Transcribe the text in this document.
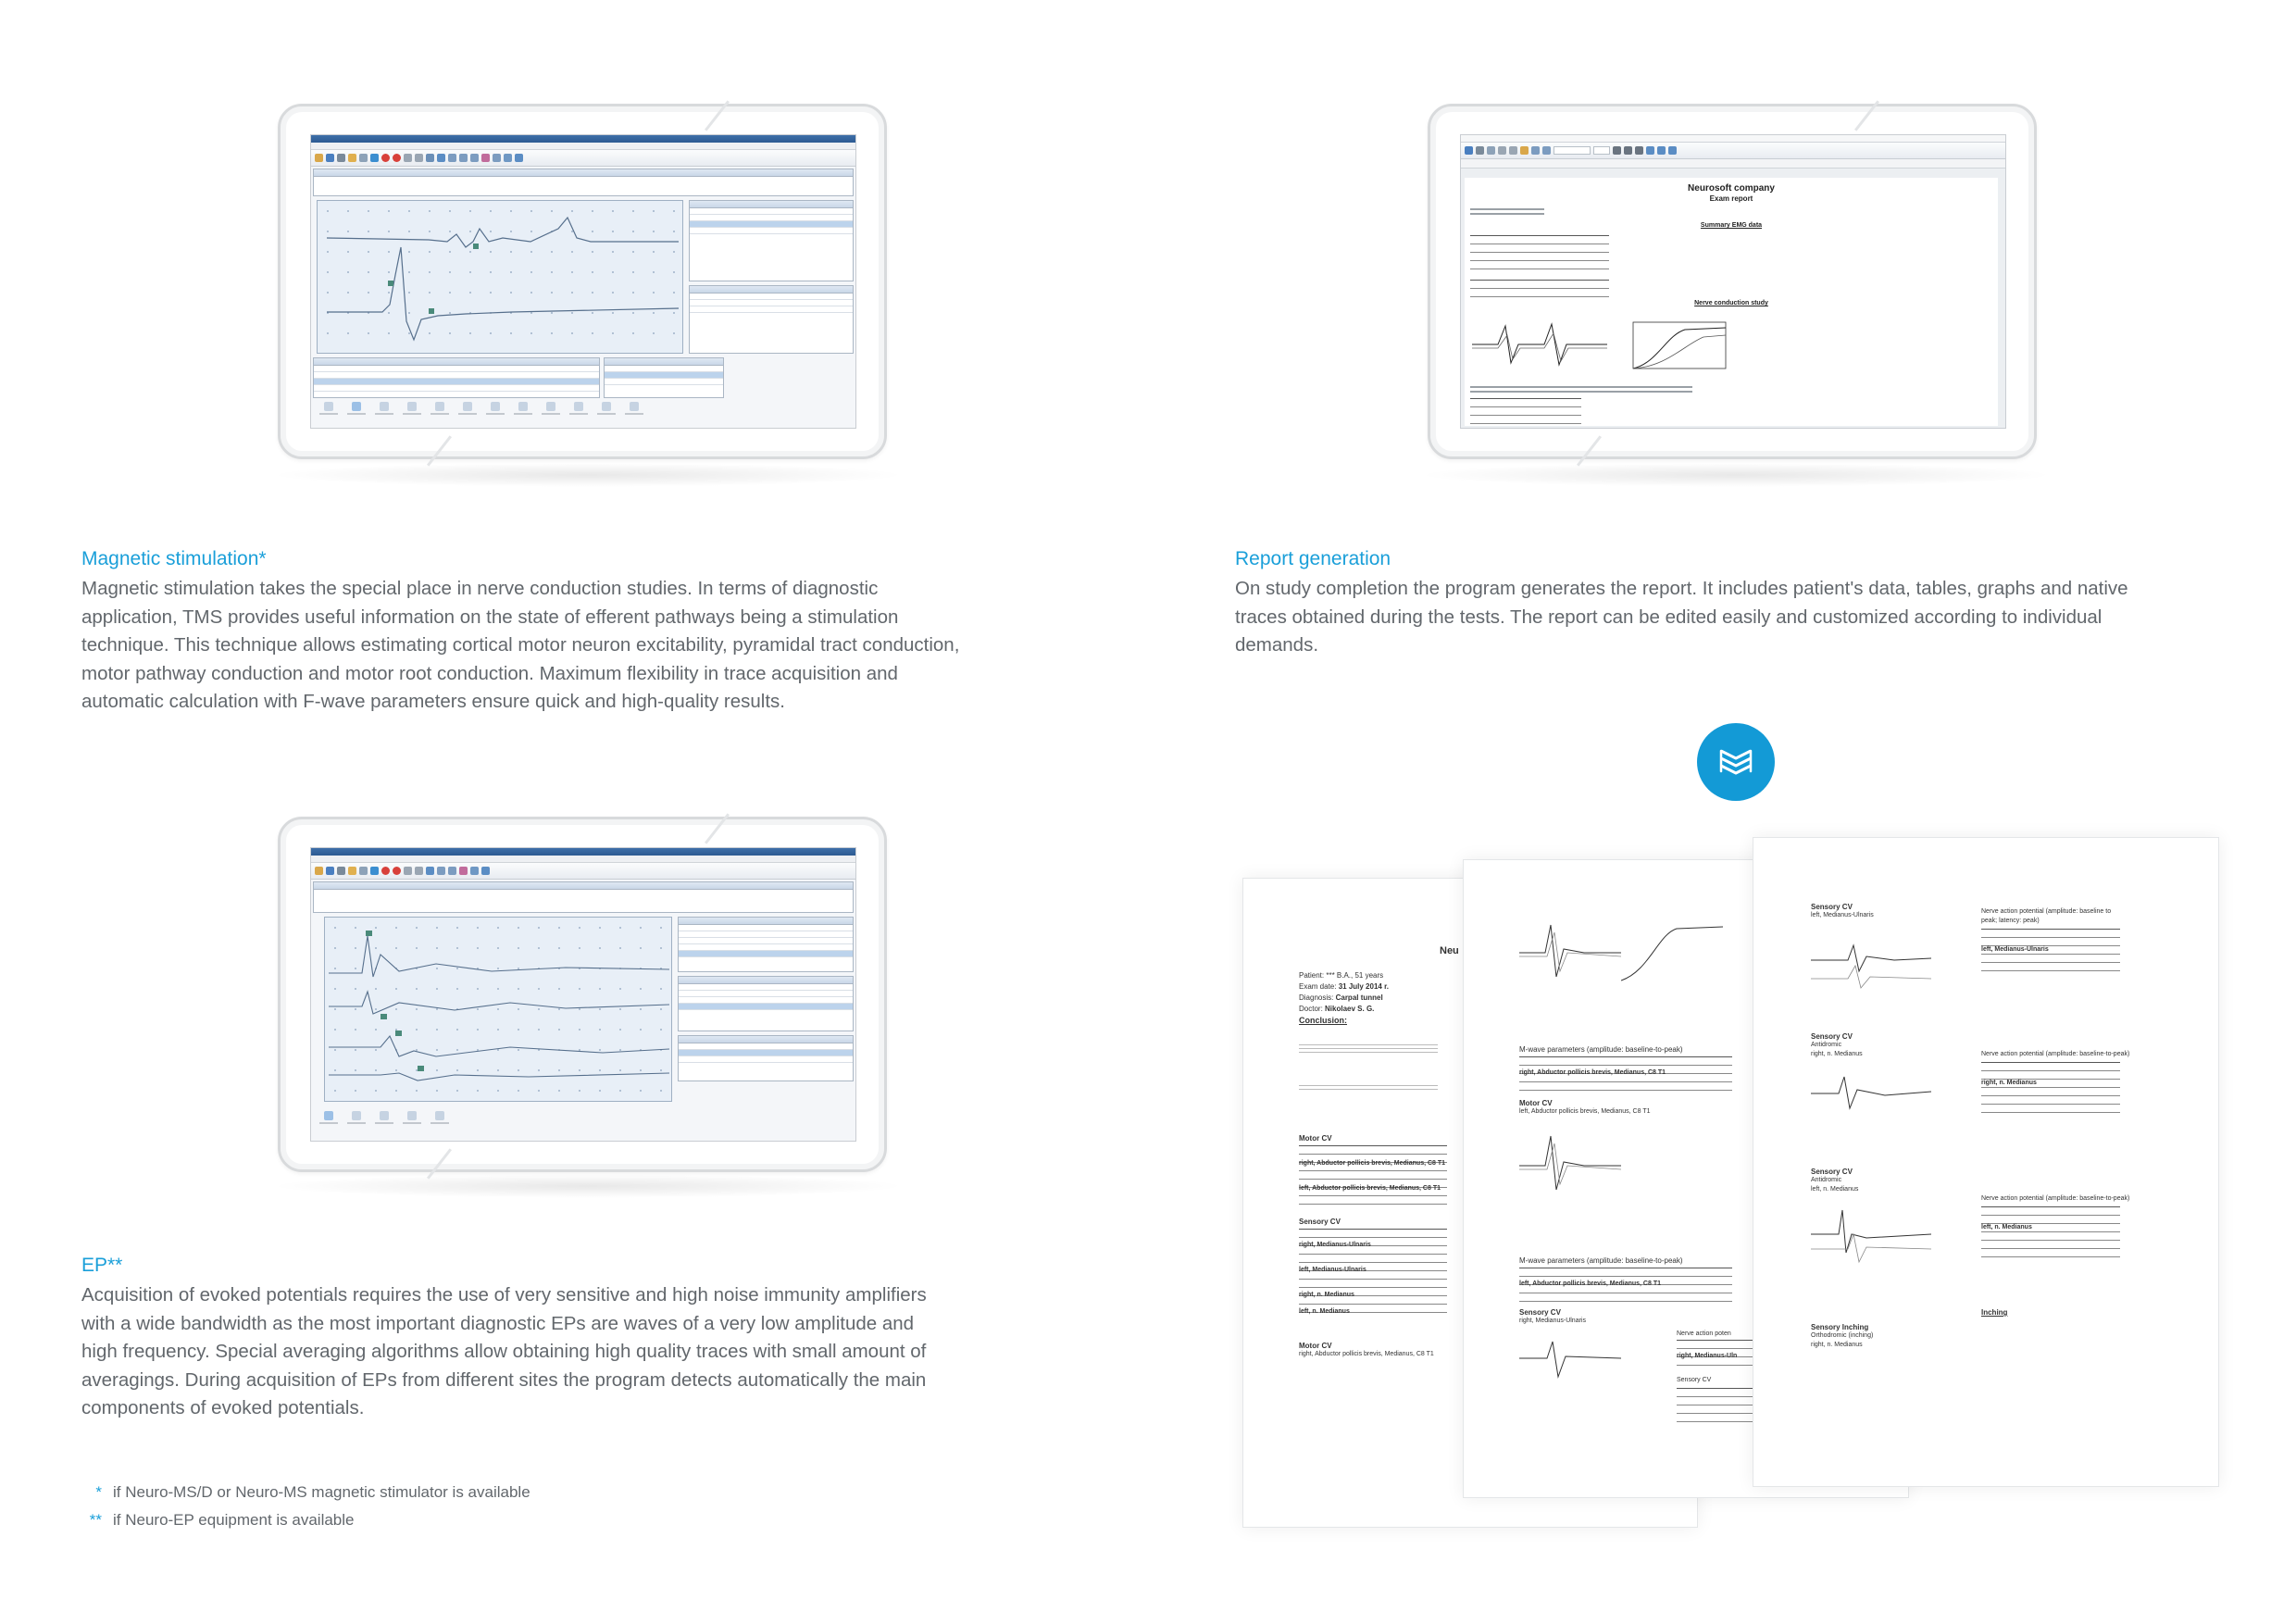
Neurosoft company
Exam report
Summary EMG data
Nerve conduction study
Magnetic stimulation*
Magnetic stimulation takes the special place in nerve conduction studies. In terms of diagnostic
application, TMS provides useful information on the state of efferent pathways being a stimulation
technique. This technique allows estimating cortical motor neuron excitability, pyramidal tract conduction,
motor pathway conduction and motor root conduction. Maximum flexibility in trace acquisition and
automatic calculation with F-wave parameters ensure quick and high-quality results.
Report generation
On study completion the program generates the report. It includes patient's data, tables, graphs and native
traces obtained during the tests. The report can be edited easily and customized according to individual
demands.
EP**
Acquisition of evoked potentials requires the use of very sensitive and high noise immunity amplifiers
with a wide bandwidth as the most important diagnostic EPs are waves of a very low amplitude and
high frequency. Special averaging algorithms allow obtaining high quality traces with small amount of
averagings. During acquisition of EPs from different sites the program detects automatically the main
components of evoked potentials.
* if Neuro-MS/D or Neuro-MS magnetic stimulator is available
** if Neuro-EP equipment is available
Neu
Patient: *** B.A., 51 years
Exam date: 31 July 2014 r.
Diagnosis: Carpal tunnel
Doctor: Nikolaev S. G.
Conclusion:
Motor CV
right, Abductor pollicis brevis, Medianus, C8 T1
left, Abductor pollicis brevis, Medianus, C8 T1
Sensory CV
right, Medianus-Ulnaris
left, Medianus-Ulnaris
right, n. Medianus
left, n. Medianus
Motor CV
right, Abductor pollicis brevis, Medianus, C8 T1
M-wave parameters (amplitude: baseline-to-peak)
right, Abductor pollicis brevis, Medianus, C8 T1
Motor CV
left, Abductor pollicis brevis, Medianus, C8 T1
M-wave parameters (amplitude: baseline-to-peak)
left, Abductor pollicis brevis, Medianus, C8 T1
Sensory CV
right, Medianus-Ulnaris
Nerve action poten
right, Medianus-Uln
Sensory CV
Sensory CV
left, Medianus-Ulnaris
Nerve action potential (amplitude: baseline to
peak; latency: peak)
left, Medianus-Ulnaris
Sensory CV
Antidromic
right, n. Medianus	Nerve action potential (amplitude: baseline-to-peak)
right, n. Medianus
Sensory CV
Antidromic
left, n. Medianus
Nerve action potential (amplitude: baseline-to-peak)
left, n. Medianus
Sensory Inching
Orthodromic (inching)
right, n. Medianus
Inching
